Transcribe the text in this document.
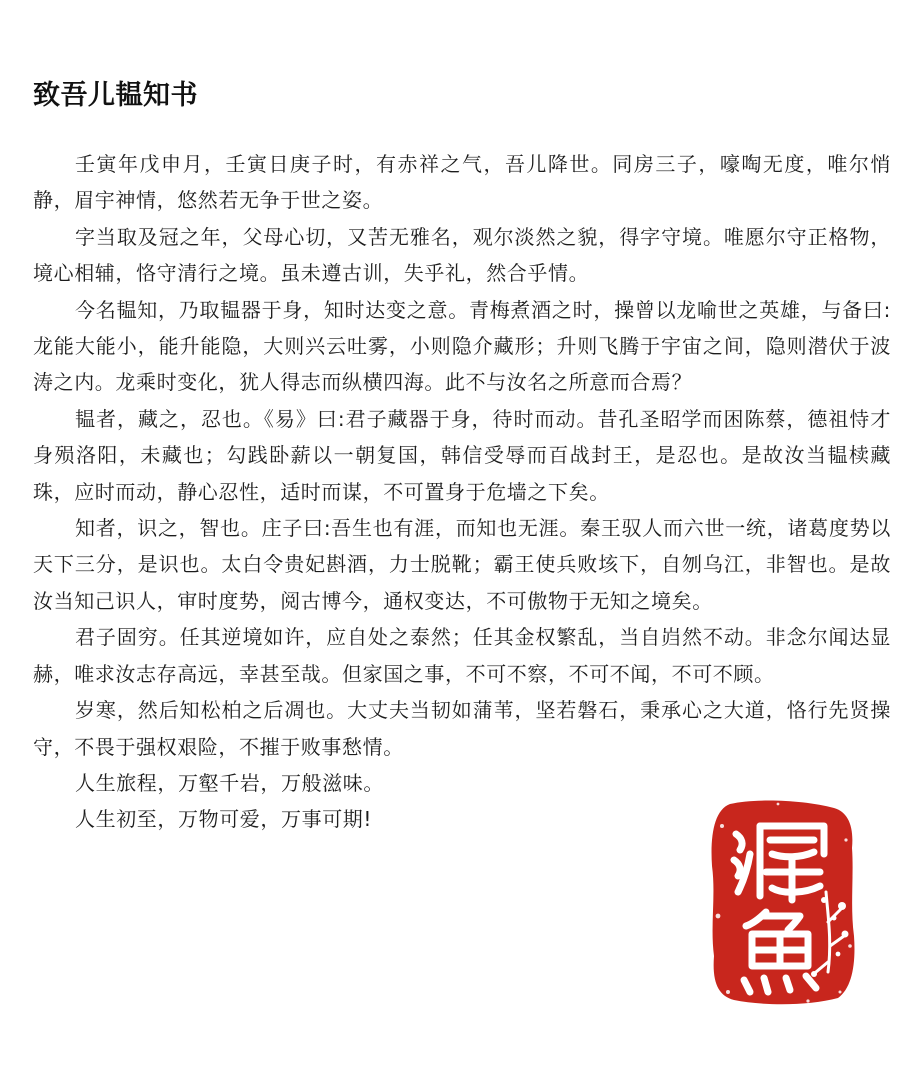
致吾儿韫知书

壬寅年戊申月，壬寅日庚子时，有赤祥之气，吾儿降世。同房三子，嚎啕无度，唯尔悄静，眉宇神情，悠然若无争于世之姿。

字当取及冠之年，父母心切，又苦无雅名，观尔淡然之貌，得字守境。唯愿尔守正格物，境心相辅，恪守清行之境。虽未遵古训，失乎礼，然合乎情。

今名韫知，乃取韫器于身，知时达变之意。青梅煮酒之时，操曾以龙喻世之英雄，与备曰:龙能大能小，能升能隐，大则兴云吐雾，小则隐介藏形；升则飞腾于宇宙之间，隐则潜伏于波涛之内。龙乘时变化，犹人得志而纵横四海。此不与汝名之所意而合焉？

韫者，藏之，忍也。《易》曰:君子藏器于身，待时而动。昔孔圣昭学而困陈蔡，德祖恃才身殒洛阳，未藏也；勾践卧薪以一朝复国，韩信受辱而百战封王，是忍也。是故汝当韫椟藏珠，应时而动，静心忍性，适时而谋，不可置身于危墙之下矣。

知者，识之，智也。庄子曰:吾生也有涯，而知也无涯。秦王驭人而六世一统，诸葛度势以天下三分，是识也。太白令贵妃斟酒，力士脱靴；霸王使兵败垓下，自刎乌江，非智也。是故汝当知己识人，审时度势，阅古博今，通权变达，不可傲物于无知之境矣。

君子固穷。任其逆境如许，应自处之泰然；任其金权繁乱，当自岿然不动。非念尔闻达显赫，唯求汝志存高远，幸甚至哉。但家国之事，不可不察，不可不闻，不可不顾。

岁寒，然后知松柏之后凋也。大丈夫当韧如蒲苇，坚若磐石，秉承心之大道，恪行先贤操守，不畏于强权艰险，不摧于败事愁情。

人生旅程，万壑千岩，万般滋味。

人生初至，万物可爱，万事可期!
